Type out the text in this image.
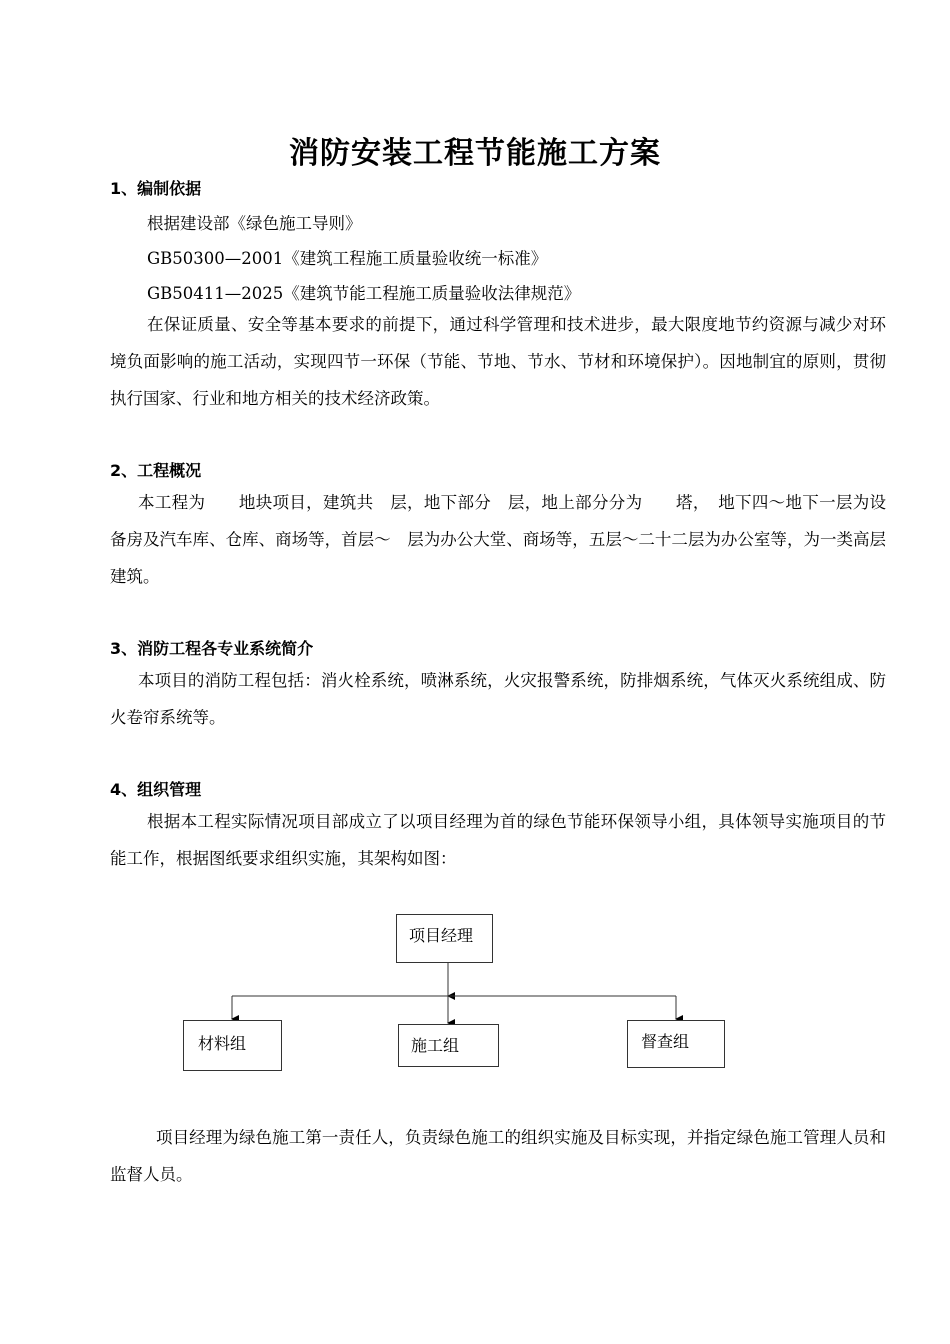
消防安装工程节能施工方案
1、编制依据

根据建设部《绿色施工导则》

GB50300—2001《建筑工程施工质量验收统一标准》

GB50411—2025《建筑节能工程施工质量验收法律规范》

在保证质量、安全等基本要求的前提下，通过科学管理和技术进步，最大限度地节约资源与减少对环境负面影响的施工活动，实现四节一环保（节能、节地、节水、节材和环境保护）。因地制宜的原则，贯彻执行国家、行业和地方相关的技术经济政策。

2、工程概况

本工程为　　地块项目，建筑共　层，地下部分　层，地上部分分为　　塔，　地下四～地下一层为设备房及汽车库、仓库、商场等，首层～　层为办公大堂、商场等，五层～二十二层为办公室等，为一类高层建筑。

3、消防工程各专业系统简介

本项目的消防工程包括：消火栓系统，喷淋系统，火灾报警系统，防排烟系统，气体灭火系统组成、防火卷帘系统等。

4、组织管理

根据本工程实际情况项目部成立了以项目经理为首的绿色节能环保领导小组，具体领导实施项目的节能工作，根据图纸要求组织实施，其架构如图：

项目经理
材料组	施工组	督查组

项目经理为绿色施工第一责任人，负责绿色施工的组织实施及目标实现，并指定绿色施工管理人员和监督人员。
